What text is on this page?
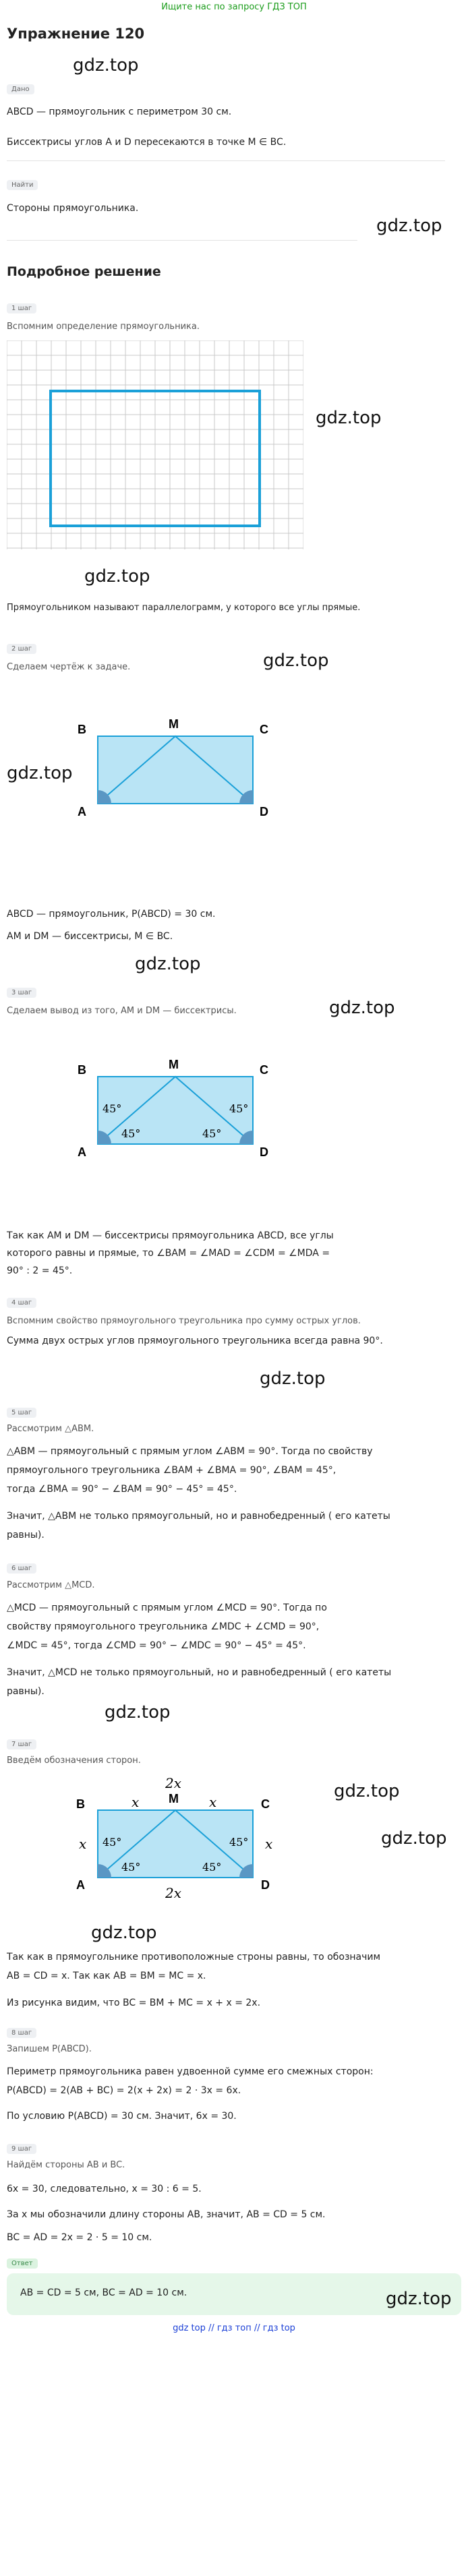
Ищите нас по запросу ГДЗ ТОП
Упражнение 120
gdz.top
Дано
ABCD — прямоугольник с периметром 30 см.
Биссектрисы углов A и D пересекаются в точке M ∈ BC.
Найти
Стороны прямоугольника.
gdz.top
Подробное решение
1 шаг
Вспомним определение прямоугольника.
gdz.top
gdz.top
Прямоугольником называют параллелограмм, у которого все углы прямые.
2 шаг
Сделаем чертёж к задаче.	gdz.top
B	M	C
A	D
gdz.top
ABCD — прямоугольник, P(ABCD) = 30 см.
AM и DM — биссектрисы, M ∈ BC.
gdz.top
3 шаг
Сделаем вывод из того, AM и DM — биссектрисы.	gdz.top
45°
45°	45°
45°
B	M	C
A	D
Так как AM и DM — биссектрисы прямоугольника ABCD, все углы
которого равны и прямые, то ∠BAM = ∠MAD = ∠CDM = ∠MDA =
90° : 2 = 45°.
4 шаг
Вспомним свойство прямоугольного треугольника про сумму острых углов.
Сумма двух острых углов прямоугольного треугольника всегда равна 90°.
gdz.top
5 шаг
Рассмотрим △ABM.
△ABM — прямоугольный с прямым углом ∠ABM = 90°. Тогда по свойству
прямоугольного треугольника ∠BAM + ∠BMA = 90°, ∠BAM = 45°,
тогда ∠BMA = 90° − ∠BAM = 90° − 45° = 45°.
Значит, △ABM не только прямоугольный, но и равнобедренный ( его катеты
равны).
6 шаг
Рассмотрим △MCD.
△MCD — прямоугольный с прямым углом ∠MCD = 90°. Тогда по
свойству прямоугольного треугольника ∠MDC + ∠CMD = 90°,
∠MDC = 45°, тогда ∠CMD = 90° − ∠MDC = 90° − 45° = 45°.
Значит, △MCD не только прямоугольный, но и равнобедренный ( его катеты
равны).
gdz.top
7 шаг
Введём обозначения сторон.
45°
45°	45°
45°
2x
2x
x	x
x	x
B	M	C
A	D
gdz.top
gdz.top
gdz.top
Так как в прямоугольнике противоположные строны равны, то обозначим
AB = CD = x. Так как AB = BM = MC = x.
Из рисунка видим, что BC = BM + MC = x + x = 2x.
8 шаг
Запишем P(ABCD).
Периметр прямоугольника равен удвоенной сумме его смежных сторон:
P(ABCD) = 2(AB + BC) = 2(x + 2x) = 2 · 3x = 6x.
По условию P(ABCD) = 30 см. Значит, 6x = 30.
9 шаг
Найдём стороны AB и BC.
6x = 30, следовательно, x = 30 : 6 = 5.
За x мы обозначили длину стороны AB, значит, AB = CD = 5 см.
BC = AD = 2x = 2 · 5 = 10 см.
Ответ
AB = CD = 5 см, BC = AD = 10 см.	gdz.top
gdz top // гдз топ // гдз top
